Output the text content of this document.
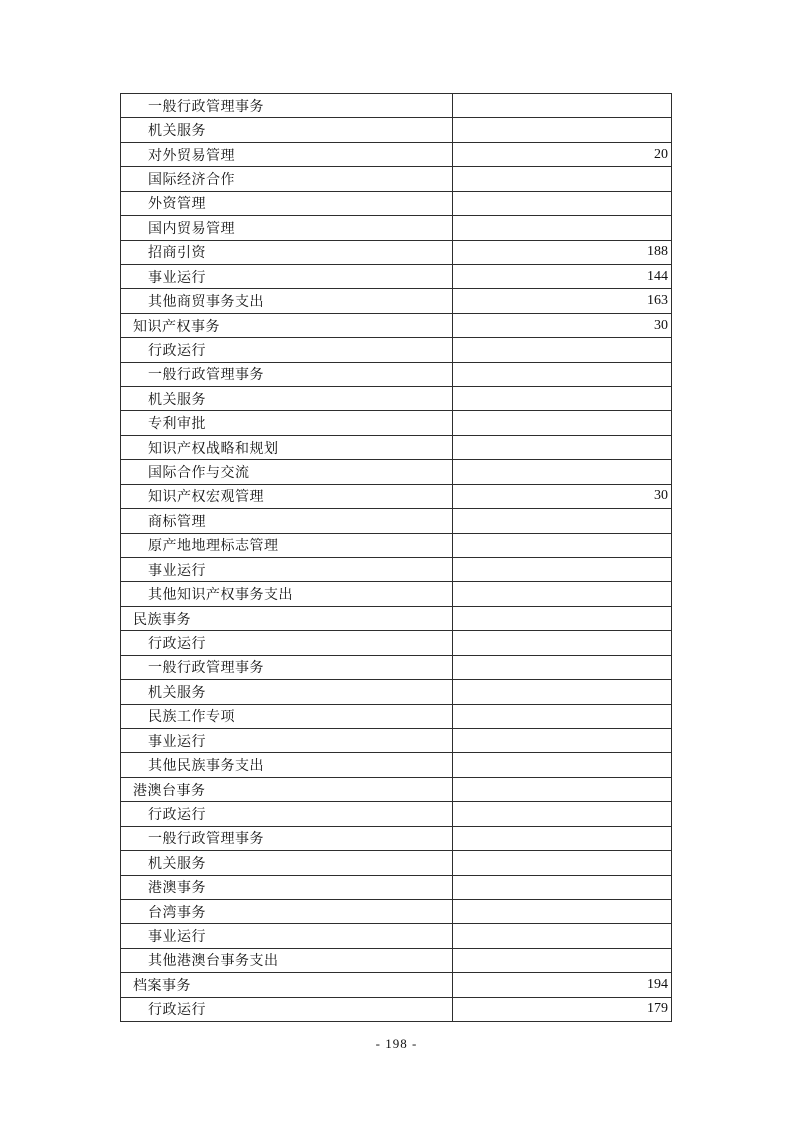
一般行政管理事务
机关服务
对外贸易管理	20
国际经济合作
外资管理
国内贸易管理
招商引资	188
事业运行	144
其他商贸事务支出	163
知识产权事务	30
行政运行
一般行政管理事务
机关服务
专利审批
知识产权战略和规划
国际合作与交流
知识产权宏观管理	30
商标管理
原产地地理标志管理
事业运行
其他知识产权事务支出
民族事务
行政运行
一般行政管理事务
机关服务
民族工作专项
事业运行
其他民族事务支出
港澳台事务
行政运行
一般行政管理事务
机关服务
港澳事务
台湾事务
事业运行
其他港澳台事务支出
档案事务	194
行政运行	179
- 198 -
